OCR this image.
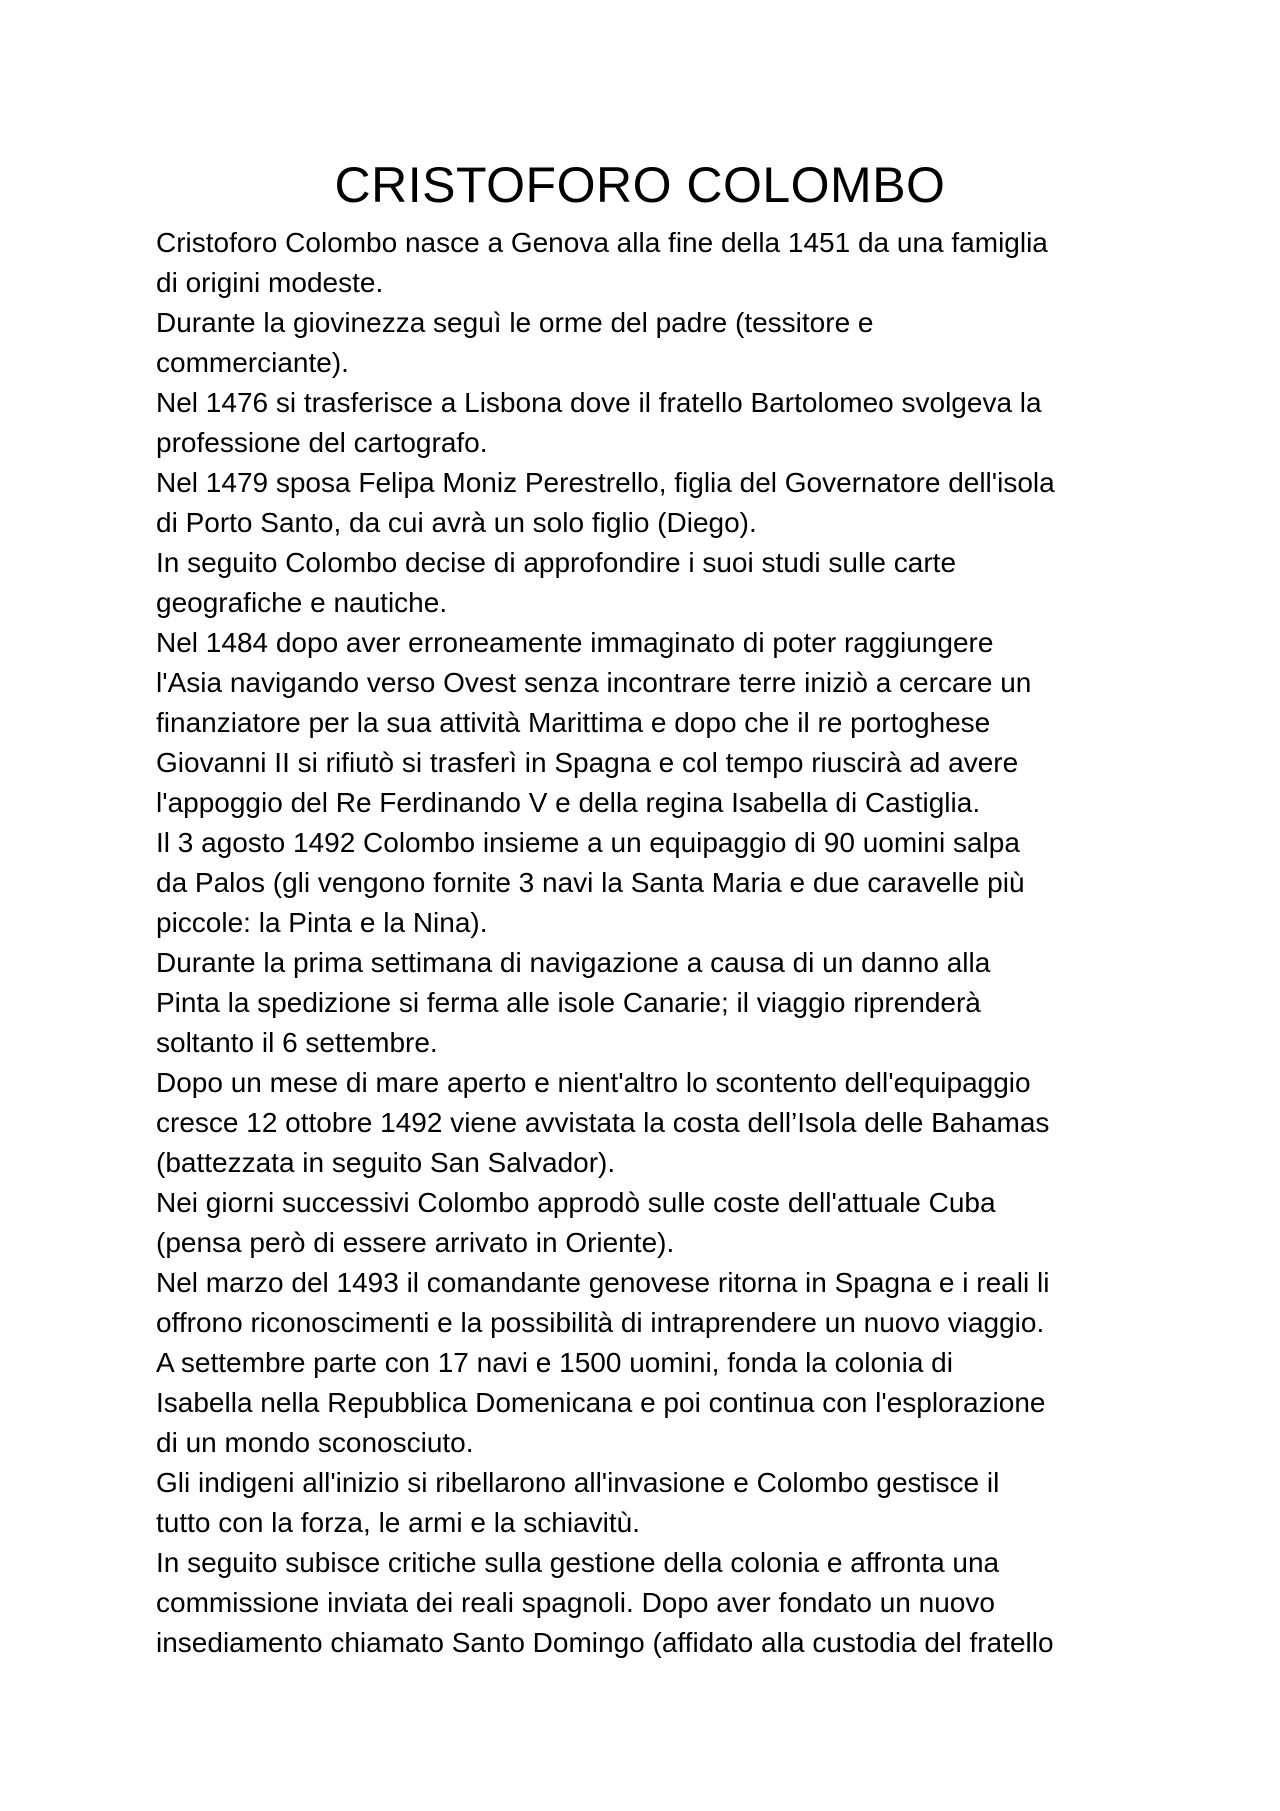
CRISTOFORO COLOMBO
Cristoforo Colombo nasce a Genova alla fine della 1451 da una famiglia
di origini modeste.
Durante la giovinezza seguì le orme del padre (tessitore e
commerciante).
Nel 1476 si trasferisce a Lisbona dove il fratello Bartolomeo svolgeva la
professione del cartografo.
Nel 1479 sposa Felipa Moniz Perestrello, figlia del Governatore dell'isola
di Porto Santo, da cui avrà un solo figlio (Diego).
In seguito Colombo decise di approfondire i suoi studi sulle carte
geografiche e nautiche.
Nel 1484 dopo aver erroneamente immaginato di poter raggiungere
l'Asia navigando verso Ovest senza incontrare terre iniziò a cercare un
finanziatore per la sua attività Marittima e dopo che il re portoghese
Giovanni II si rifiutò si trasferì in Spagna e col tempo riuscirà ad avere
l'appoggio del Re Ferdinando V e della regina Isabella di Castiglia.
Il 3 agosto 1492 Colombo insieme a un equipaggio di 90 uomini salpa
da Palos (gli vengono fornite 3 navi la Santa Maria e due caravelle più
piccole: la Pinta e la Nina).
Durante la prima settimana di navigazione a causa di un danno alla
Pinta la spedizione si ferma alle isole Canarie; il viaggio riprenderà
soltanto il 6 settembre.
Dopo un mese di mare aperto e nient'altro lo scontento dell'equipaggio
cresce 12 ottobre 1492 viene avvistata la costa dell’Isola delle Bahamas
(battezzata in seguito San Salvador).
Nei giorni successivi Colombo approdò sulle coste dell'attuale Cuba
(pensa però di essere arrivato in Oriente).
Nel marzo del 1493 il comandante genovese ritorna in Spagna e i reali li
offrono riconoscimenti e la possibilità di intraprendere un nuovo viaggio.
A settembre parte con 17 navi e 1500 uomini, fonda la colonia di
Isabella nella Repubblica Domenicana e poi continua con l'esplorazione
di un mondo sconosciuto.
Gli indigeni all'inizio si ribellarono all'invasione e Colombo gestisce il
tutto con la forza, le armi e la schiavitù.
In seguito subisce critiche sulla gestione della colonia e affronta una
commissione inviata dei reali spagnoli. Dopo aver fondato un nuovo
insediamento chiamato Santo Domingo (affidato alla custodia del fratello
